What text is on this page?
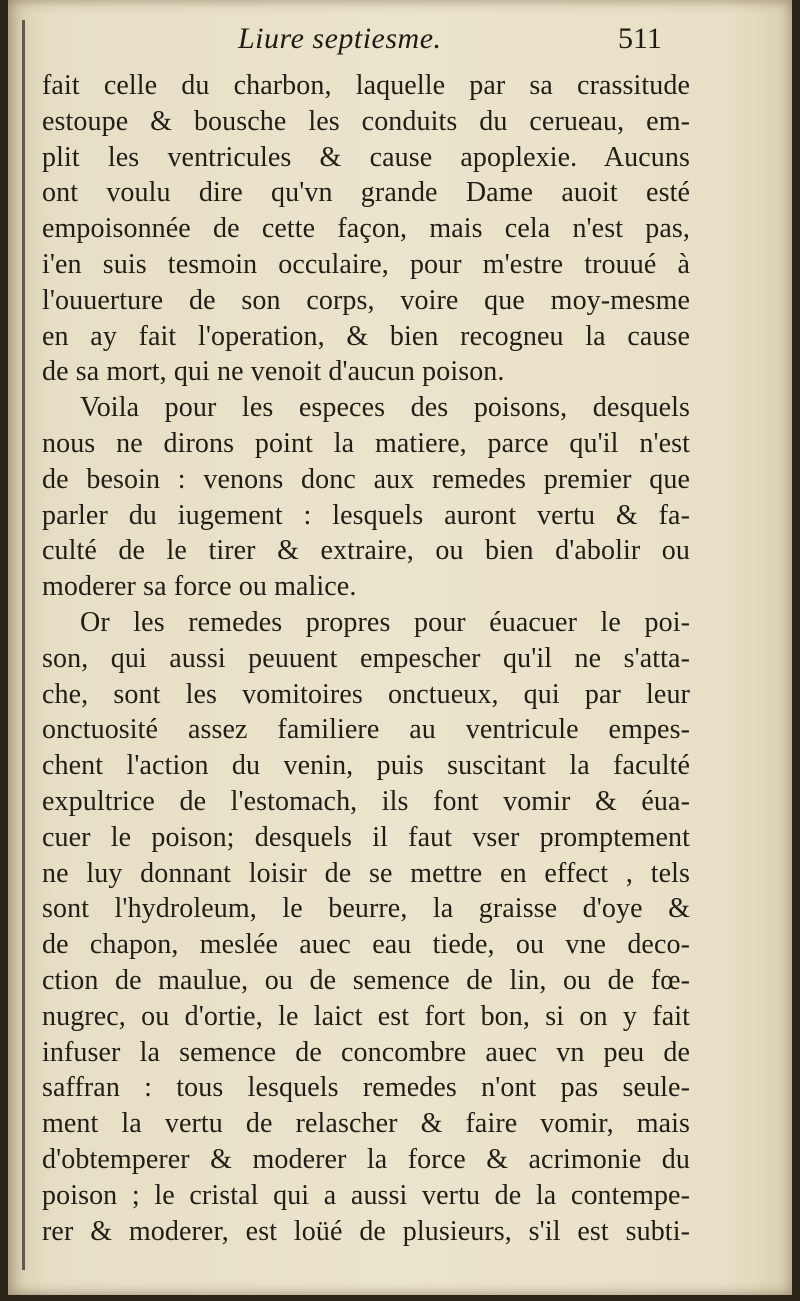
Liure septiesme.	511
fait celle du charbon, laquelle par sa crassitude
estoupe & bousche les conduits du cerueau, em-
plit les ventricules & cause apoplexie. Aucuns
ont voulu dire qu'vn grande Dame auoit esté
empoisonnée de cette façon, mais cela n'est pas,
i'en suis tesmoin occulaire, pour m'estre trouué à
l'ouuerture de son corps, voire que moy-mesme
en ay fait l'operation, & bien recogneu la cause
de sa mort, qui ne venoit d'aucun poison.
Voila pour les especes des poisons, desquels
nous ne dirons point la matiere, parce qu'il n'est
de besoin : venons donc aux remedes premier que
parler du iugement : lesquels auront vertu & fa-
culté de le tirer & extraire, ou bien d'abolir ou
moderer sa force ou malice.
Or les remedes propres pour éuacuer le poi-
son, qui aussi peuuent empescher qu'il ne s'atta-
che, sont les vomitoires onctueux, qui par leur
onctuosité assez familiere au ventricule empes-
chent l'action du venin, puis suscitant la faculté
expultrice de l'estomach, ils font vomir & éua-
cuer le poison; desquels il faut vser promptement
ne luy donnant loisir de se mettre en effect , tels
sont l'hydroleum, le beurre, la graisse d'oye &
de chapon, meslée auec eau tiede, ou vne deco-
ction de maulue, ou de semence de lin, ou de fœ-
nugrec, ou d'ortie, le laict est fort bon, si on y fait
infuser la semence de concombre auec vn peu de
saffran : tous lesquels remedes n'ont pas seule-
ment la vertu de relascher & faire vomir, mais
d'obtemperer & moderer la force & acrimonie du
poison ; le cristal qui a aussi vertu de la contempe-
rer & moderer, est loüé de plusieurs, s'il est subti-
